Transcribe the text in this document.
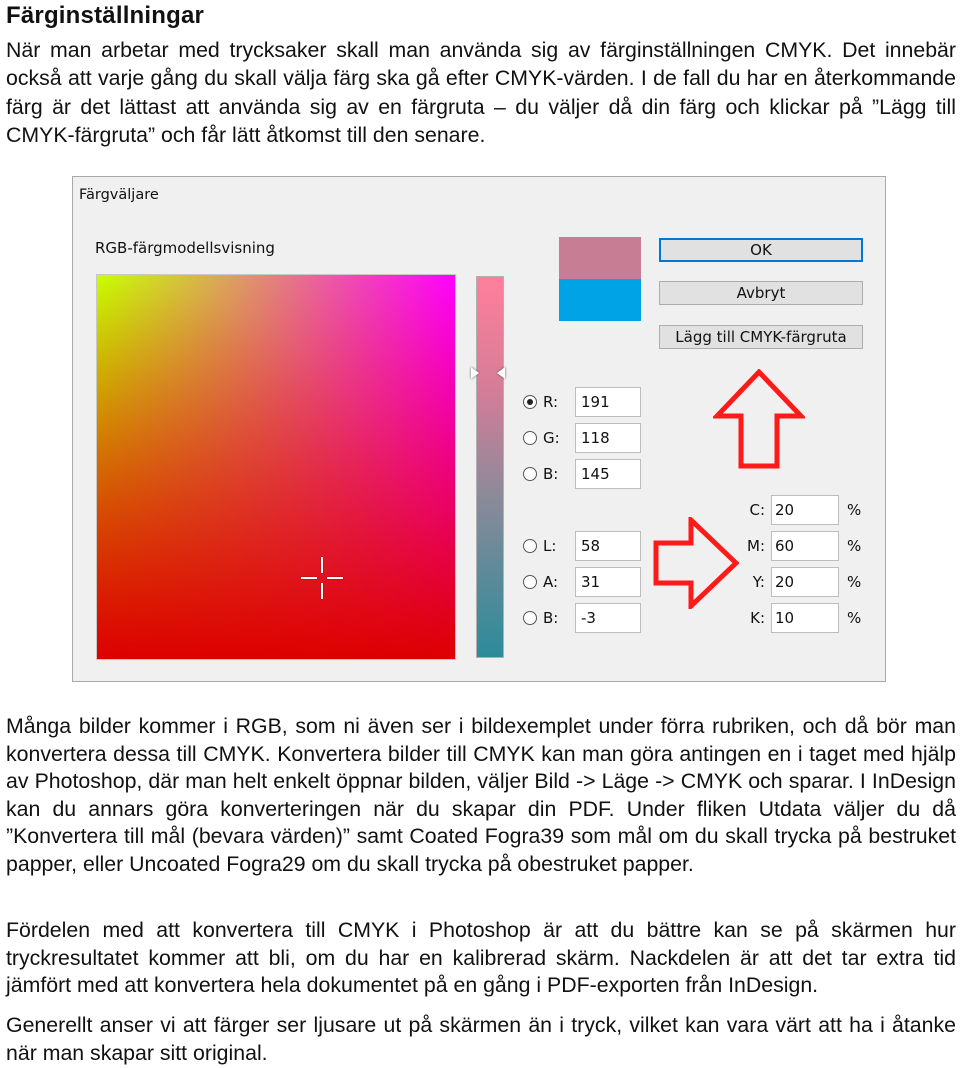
Färginställningar
När man arbetar med trycksaker skall man använda sig av färginställningen CMYK. Det innebär också att varje gång du skall välja färg ska gå efter CMYK-värden. I de fall du har en återkommande färg är det lättast att använda sig av en färgruta – du väljer då din färg och klickar på ”Lägg till CMYK-färgruta” och får lätt åtkomst till den senare.
Färgväljare
RGB-färgmodellsvisning	OK
Avbryt
Lägg till CMYK-färgruta
R:
191
G:
118
B:
145
L:
58
A:
31
B:
-3
C:
20	%
M:
60	%
Y:
20	%
K:
10	%

Många bilder kommer i RGB, som ni även ser i bildexemplet under förra rubriken, och då bör man konvertera dessa till CMYK. Konvertera bilder till CMYK kan man göra antingen en i taget med hjälp av Photoshop, där man helt enkelt öppnar bilden, väljer Bild -> Läge -> CMYK och sparar. I InDesign kan du annars göra konverteringen när du skapar din PDF. Under fliken Utdata väljer du då ”Konvertera till mål (bevara värden)” samt Coated Fogra39 som mål om du skall trycka på bestruket papper, eller Uncoated Fogra29 om du skall trycka på obestruket papper.

Fördelen med att konvertera till CMYK i Photoshop är att du bättre kan se på skärmen hur tryckresultatet kommer att bli, om du har en kalibrerad skärm. Nackdelen är att det tar extra tid jämfört med att konvertera hela dokumentet på en gång i PDF-exporten från InDesign.

Generellt anser vi att färger ser ljusare ut på skärmen än i tryck, vilket kan vara värt att ha i åtanke när man skapar sitt original.
